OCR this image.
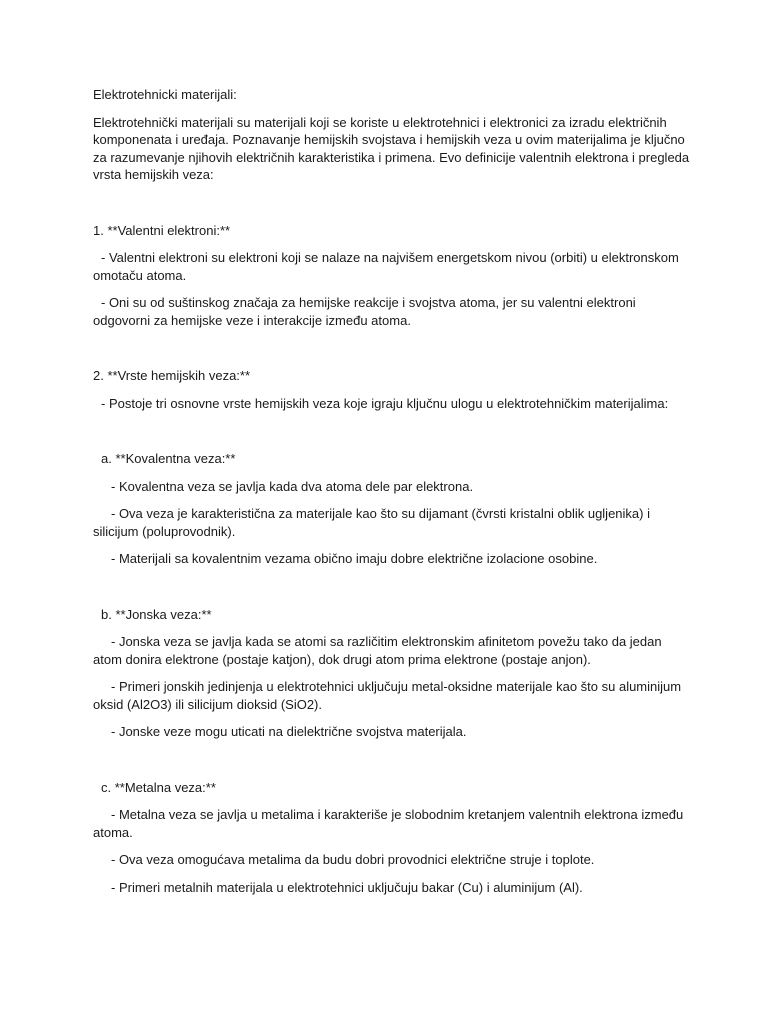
Elektrotehnicki materijali:

Elektrotehnički materijali su materijali koji se koriste u elektrotehnici i elektronici za izradu električnih komponenata i uređaja. Poznavanje hemijskih svojstava i hemijskih veza u ovim materijalima je ključno za razumevanje njihovih električnih karakteristika i primena. Evo definicije valentnih elektrona i pregleda vrsta hemijskih veza:

1. **Valentni elektroni:**

- Valentni elektroni su elektroni koji se nalaze na najvišem energetskom nivou (orbiti) u elektronskom omotaču atoma.

- Oni su od suštinskog značaja za hemijske reakcije i svojstva atoma, jer su valentni elektroni odgovorni za hemijske veze i interakcije između atoma.

2. **Vrste hemijskih veza:**

- Postoje tri osnovne vrste hemijskih veza koje igraju ključnu ulogu u elektrotehničkim materijalima:

a. **Kovalentna veza:**

- Kovalentna veza se javlja kada dva atoma dele par elektrona.

- Ova veza je karakteristična za materijale kao što su dijamant (čvrsti kristalni oblik ugljenika) i silicijum (poluprovodnik).

- Materijali sa kovalentnim vezama obično imaju dobre električne izolacione osobine.

b. **Jonska veza:**

- Jonska veza se javlja kada se atomi sa različitim elektronskim afinitetom povežu tako da jedan atom donira elektrone (postaje katjon), dok drugi atom prima elektrone (postaje anjon).

- Primeri jonskih jedinjenja u elektrotehnici uključuju metal-oksidne materijale kao što su aluminijum oksid (Al2O3) ili silicijum dioksid (SiO2).

- Jonske veze mogu uticati na dielektrične svojstva materijala.

c. **Metalna veza:**

- Metalna veza se javlja u metalima i karakteriše je slobodnim kretanjem valentnih elektrona između atoma.

- Ova veza omogućava metalima da budu dobri provodnici električne struje i toplote.

- Primeri metalnih materijala u elektrotehnici uključuju bakar (Cu) i aluminijum (Al).
